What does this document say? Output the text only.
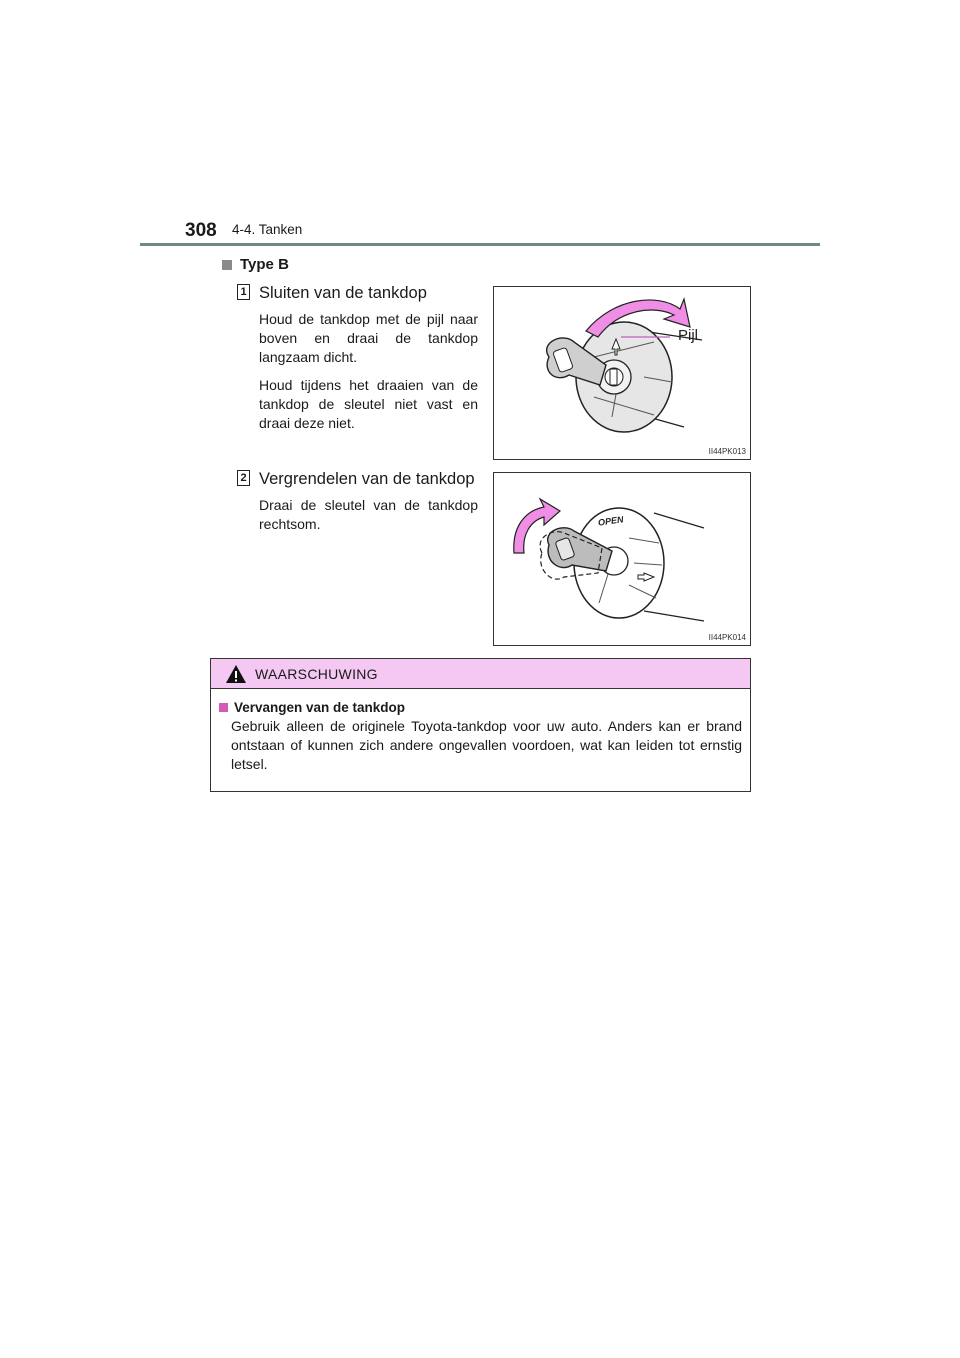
308 4-4. Tanken
Type B
1 Sluiten van de tankdop

Houd de tankdop met de pijl naar boven en draai de tankdop langzaam dicht.

Houd tijdens het draaien van de tankdop de sleutel niet vast en draai deze niet.

Pijl
II44PK013
2 Vergrendelen van de tankdop

Draai de sleutel van de tankdop rechtsom.	OPEN
II44PK014
WAARSCHUWING
Vervangen van de tankdop
Gebruik alleen de originele Toyota-tankdop voor uw auto. Anders kan er brand ontstaan of kunnen zich andere ongevallen voordoen, wat kan leiden tot ernstig letsel.
